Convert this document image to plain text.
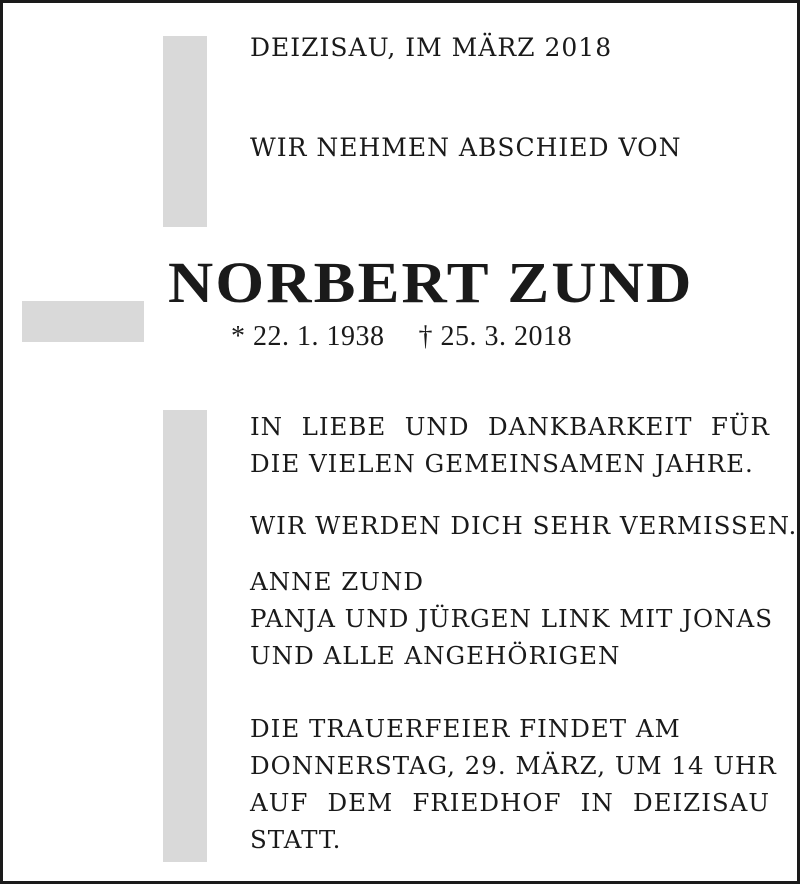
DEIZISAU, IM MÄRZ 2018
WIR NEHMEN ABSCHIED VON
NORBERT ZUND
* 22. 1. 1938 † 25. 3. 2018
IN LIEBE UND DANKBARKEIT FÜR
DIE VIELEN GEMEINSAMEN JAHRE.
WIR WERDEN DICH SEHR VERMISSEN.
ANNE ZUND
PANJA UND JÜRGEN LINK MIT JONAS
UND ALLE ANGEHÖRIGEN
DIE TRAUERFEIER FINDET AM
DONNERSTAG, 29. MÄRZ, UM 14 UHR
AUF DEM FRIEDHOF IN DEIZISAU
STATT.
